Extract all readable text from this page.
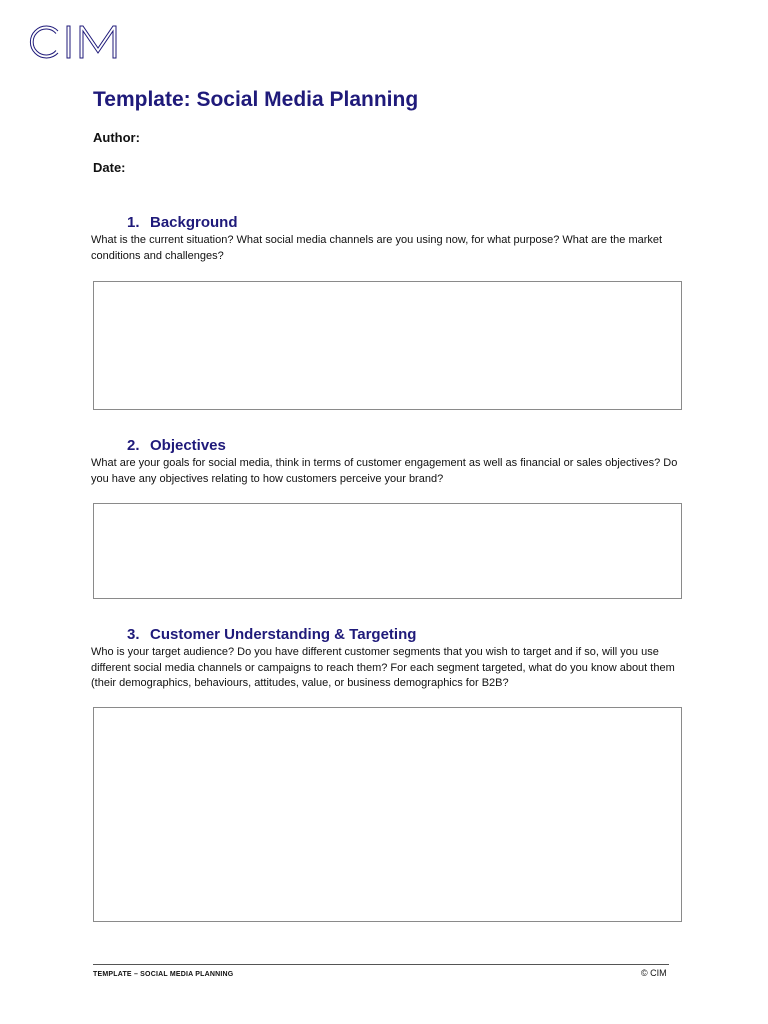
Template: Social Media Planning
Author:
Date:
1. Background

What is the current situation? What social media channels are you using now, for what purpose? What are the market conditions and challenges?

2. Objectives

What are your goals for social media, think in terms of customer engagement as well as financial or sales objectives? Do you have any objectives relating to how customers perceive your brand?

3. Customer Understanding & Targeting

Who is your target audience? Do you have different customer segments that you wish to target and if so, will you use different social media channels or campaigns to reach them? For each segment targeted, what do you know about them (their demographics, behaviours, attitudes, value, or business demographics for B2B?

TEMPLATE – SOCIAL MEDIA PLANNING	© CIM
